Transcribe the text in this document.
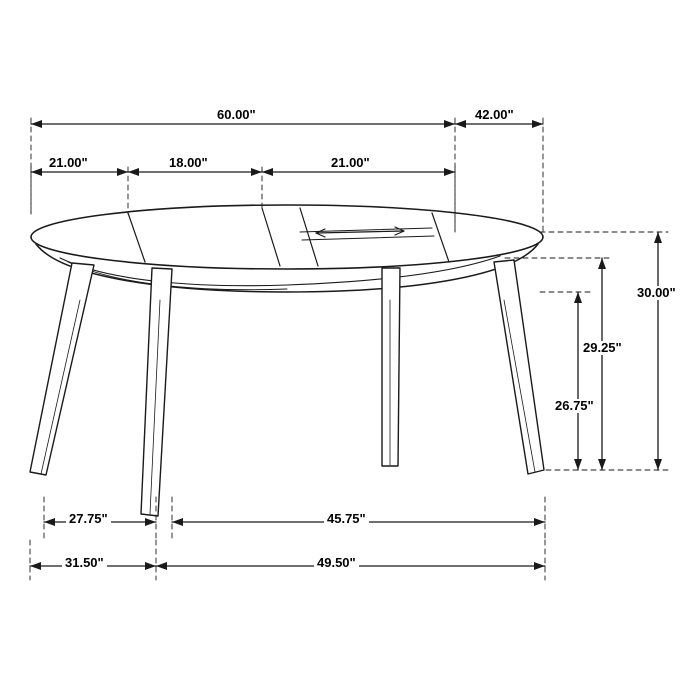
60.00"	42.00"
21.00"	18.00"	21.00"
30.00"
29.25"
26.75"
27.75"	45.75"
31.50"	49.50"
